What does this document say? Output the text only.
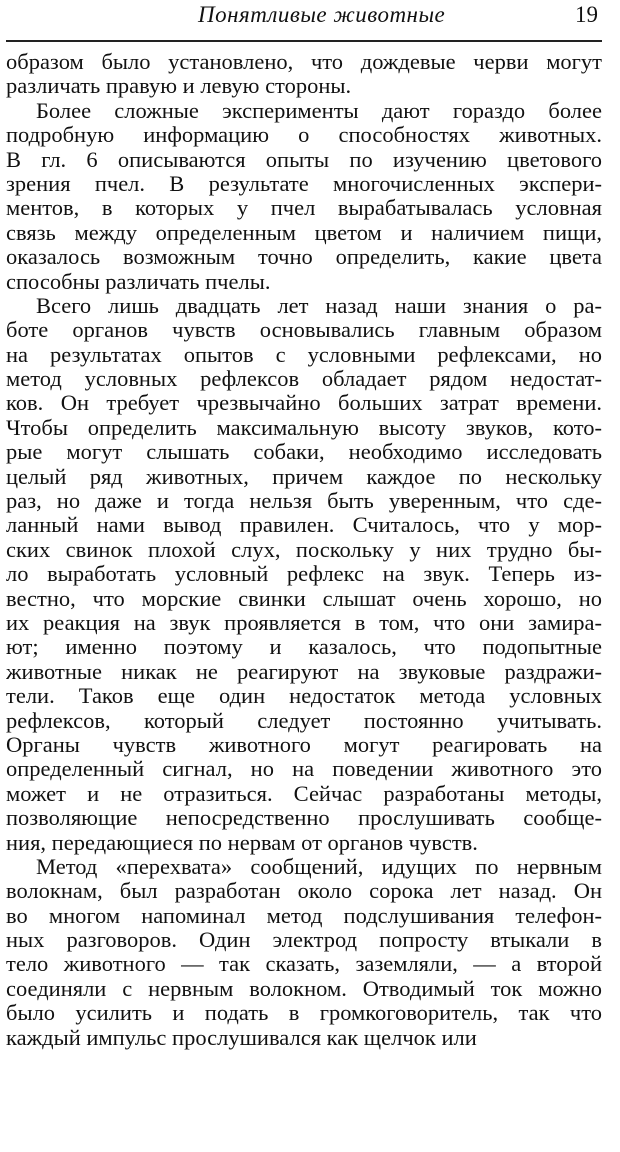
Понятливые животные	19
образом было установлено, что дождевые черви могут
различать правую и левую стороны.
Более сложные эксперименты дают гораздо более
подробную информацию о способностях животных.
В гл. 6 описываются опыты по изучению цветового
зрения пчел. В результате многочисленных экспери-
ментов, в которых у пчел вырабатывалась условная
связь между определенным цветом и наличием пищи,
оказалось возможным точно определить, какие цвета
способны различать пчелы.
Всего лишь двадцать лет назад наши знания о ра-
боте органов чувств основывались главным образом
на результатах опытов с условными рефлексами, но
метод условных рефлексов обладает рядом недостат-
ков. Он требует чрезвычайно больших затрат времени.
Чтобы определить максимальную высоту звуков, кото-
рые могут слышать собаки, необходимо исследовать
целый ряд животных, причем каждое по нескольку
раз, но даже и тогда нельзя быть уверенным, что сде-
ланный нами вывод правилен. Считалось, что у мор-
ских свинок плохой слух, поскольку у них трудно бы-
ло выработать условный рефлекс на звук. Теперь из-
вестно, что морские свинки слышат очень хорошо, но
их реакция на звук проявляется в том, что они замира-
ют; именно поэтому и казалось, что подопытные
животные никак не реагируют на звуковые раздражи-
тели. Таков еще один недостаток метода условных
рефлексов, который следует постоянно учитывать.
Органы чувств животного могут реагировать на
определенный сигнал, но на поведении животного это
может и не отразиться. Сейчас разработаны методы,
позволяющие непосредственно прослушивать сообще-
ния, передающиеся по нервам от органов чувств.
Метод «перехвата» сообщений, идущих по нервным
волокнам, был разработан около сорока лет назад. Он
во многом напоминал метод подслушивания телефон-
ных разговоров. Один электрод попросту втыкали в
тело животного — так сказать, заземляли, — а второй
соединяли с нервным волокном. Отводимый ток можно
было усилить и подать в громкоговоритель, так что
каждый импульс прослушивался как щелчок или
